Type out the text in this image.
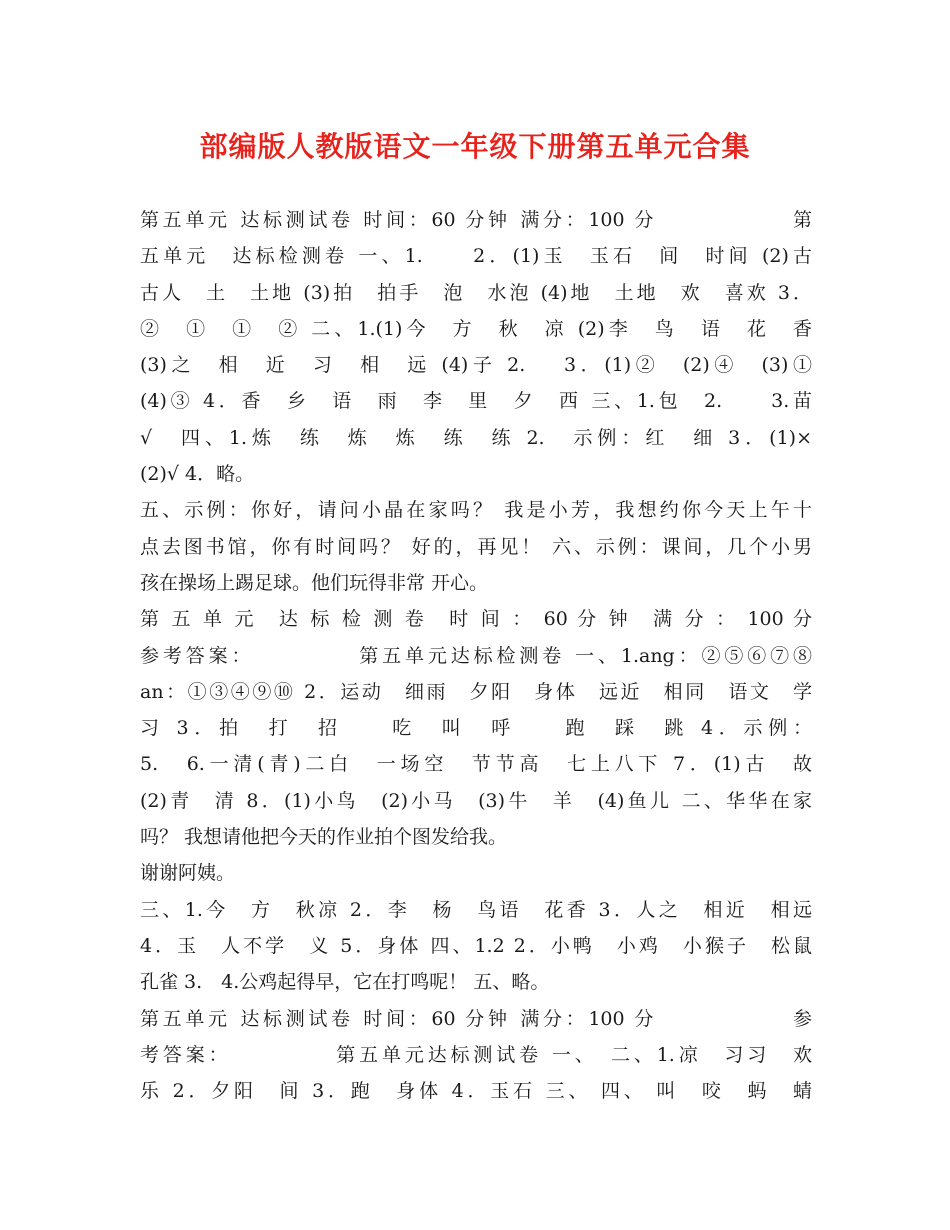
部编版人教版语文一年级下册第五单元合集
第五单元 达标测试卷 时间：60 分钟 满分：100 分　　　　　　第
五单元　达标检测卷 一、1.　　2．(1)玉　玉石　间　时间 (2)古
古人　土　土地 (3)拍　拍手　泡　水泡 (4)地　土地　欢　喜欢 3．
②　①　①　② 二、1.(1)今　方　秋　凉 (2)李　鸟　语　花　香
(3)之　相　近　习　相　远 (4)子 2.　 3．(1)②　(2)④　(3)①
(4)③ 4．香　乡　语　雨　李　里　夕　西 三、1.包　2.　　3.苗
√　四、1.炼　练　炼　炼　练　练 2.　示例：红　细 3．(1)×
(2)√ 4．略。
五、示例：你好，请问小晶在家吗？ 我是小芳，我想约你今天上午十
点去图书馆，你有时间吗？ 好的，再见！ 六、示例：课间，几个小男
孩在操场上踢足球。他们玩得非常 开心。
第 五 单 元　达 标 检 测 卷　时 间 ： 60 分 钟　满 分 ： 100 分
参考答案：　　　　　第五单元达标检测卷 一、1.ang：②⑤⑥⑦⑧
an：①③④⑨⑩ 2．运动　细雨　夕阳　身体　远近　相同　语文　学
习 3．拍　打　招　　吃　叫　呼　　跑　踩　跳 4．示例：
5.　6.一清(青)二白　一场空　节节高　七上八下 7．(1)古　故
(2)青　清 8．(1)小鸟　(2)小马　(3)牛　羊　(4)鱼儿 二、华华在家
吗？ 我想请他把今天的作业拍个图发给我。
谢谢阿姨。
三、1.今　方　秋凉 2．李　杨　鸟语　花香 3．人之　相近　相远
4．玉　人不学　义 5．身体 四、1.2 2．小鸭　小鸡　小猴子　松鼠
孔雀 3.　4.公鸡起得早，它在打鸣呢！ 五、略。
第五单元 达标测试卷 时间：60 分钟 满分：100 分　　　　　　参
考答案：　　　　　第五单元达标测试卷 一、　二、1.凉　习习　欢
乐 2．夕阳　间 3．跑　身体 4．玉石 三、 四、 叫　咬　蚂　蜻
